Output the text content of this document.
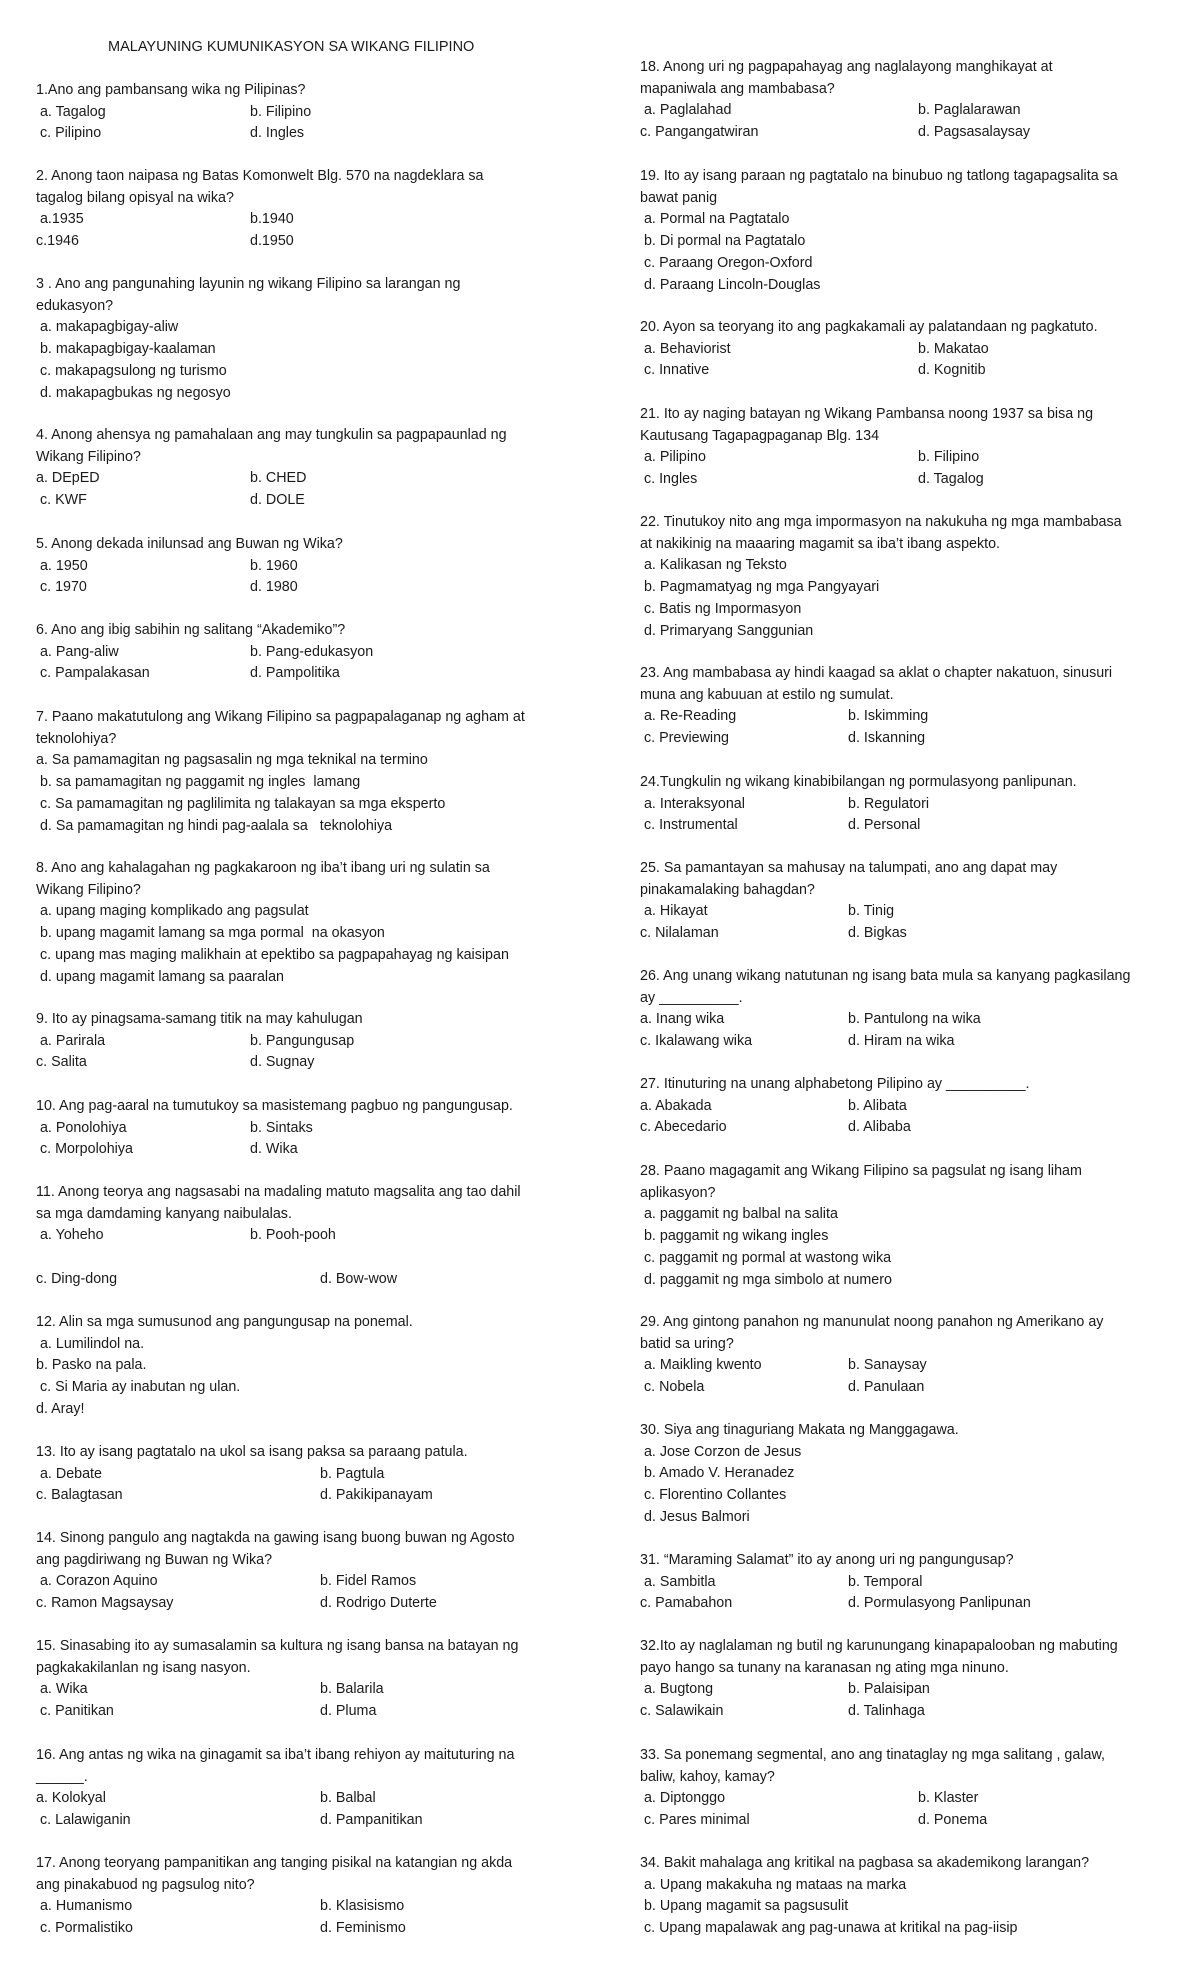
MALAYUNING KUMUNIKASYON SA WIKANG FILIPINO
1.Ano ang pambansang wika ng Pilipinas?
a. Tagalog	b. Filipino
c. Pilipino	d. Ingles
2. Anong taon naipasa ng Batas Komonwelt Blg. 570 na nagdeklara sa
tagalog bilang opisyal na wika?
a.1935	b.1940
c.1946	d.1950
3 . Ano ang pangunahing layunin ng wikang Filipino sa larangan ng
edukasyon?
a. makapagbigay-aliw
b. makapagbigay-kaalaman
c. makapagsulong ng turismo
d. makapagbukas ng negosyo
4. Anong ahensya ng pamahalaan ang may tungkulin sa pagpapaunlad ng
Wikang Filipino?
a. DEpED	b. CHED
c. KWF	d. DOLE
5. Anong dekada inilunsad ang Buwan ng Wika?
a. 1950	b. 1960
c. 1970	d. 1980
6. Ano ang ibig sabihin ng salitang “Akademiko”?
a. Pang-aliw	b. Pang-edukasyon
c. Pampalakasan	d. Pampolitika
7. Paano makatutulong ang Wikang Filipino sa pagpapalaganap ng agham at
teknolohiya?
a. Sa pamamagitan ng pagsasalin ng mga teknikal na termino
b. sa pamamagitan ng paggamit ng ingles  lamang
c. Sa pamamagitan ng paglilimita ng talakayan sa mga eksperto
d. Sa pamamagitan ng hindi pag-aalala sa   teknolohiya
8. Ano ang kahalagahan ng pagkakaroon ng iba’t ibang uri ng sulatin sa
Wikang Filipino?
a. upang maging komplikado ang pagsulat
b. upang magamit lamang sa mga pormal  na okasyon
c. upang mas maging malikhain at epektibo sa pagpapahayag ng kaisipan
d. upang magamit lamang sa paaralan
9. Ito ay pinagsama-samang titik na may kahulugan
a. Parirala	b. Pangungusap
c. Salita	d. Sugnay
10. Ang pag-aaral na tumutukoy sa masistemang pagbuo ng pangungusap.
a. Ponolohiya	b. Sintaks
c. Morpolohiya	d. Wika
11. Anong teorya ang nagsasabi na madaling matuto magsalita ang tao dahil
sa mga damdaming kanyang naibulalas.
a. Yoheho	b. Pooh-pooh
c. Ding-dong	d. Bow-wow
12. Alin sa mga sumusunod ang pangungusap na ponemal.
a. Lumilindol na.
b. Pasko na pala.
c. Si Maria ay inabutan ng ulan.
d. Aray!
13. Ito ay isang pagtatalo na ukol sa isang paksa sa paraang patula.
a. Debate	b. Pagtula
c. Balagtasan	d. Pakikipanayam
14. Sinong pangulo ang nagtakda na gawing isang buong buwan ng Agosto
ang pagdiriwang ng Buwan ng Wika?
a. Corazon Aquino	b. Fidel Ramos
c. Ramon Magsaysay	d. Rodrigo Duterte
15. Sinasabing ito ay sumasalamin sa kultura ng isang bansa na batayan ng
pagkakakilanlan ng isang nasyon.
a. Wika	b. Balarila
c. Panitikan	d. Pluma
16. Ang antas ng wika na ginagamit sa iba’t ibang rehiyon ay maituturing na
______.
a. Kolokyal	b. Balbal
c. Lalawiganin	d. Pampanitikan
17. Anong teoryang pampanitikan ang tanging pisikal na katangian ng akda
ang pinakabuod ng pagsulog nito?
a. Humanismo	b. Klasisismo
c. Pormalistiko	d. Feminismo
18. Anong uri ng pagpapahayag ang naglalayong manghikayat at
mapaniwala ang mambabasa?
a. Paglalahad	b. Paglalarawan
c. Pangangatwiran	d. Pagsasalaysay
19. Ito ay isang paraan ng pagtatalo na binubuo ng tatlong tagapagsalita sa
bawat panig
a. Pormal na Pagtatalo
b. Di pormal na Pagtatalo
c. Paraang Oregon-Oxford
d. Paraang Lincoln-Douglas
20. Ayon sa teoryang ito ang pagkakamali ay palatandaan ng pagkatuto.
a. Behaviorist	b. Makatao
c. Innative	d. Kognitib
21. Ito ay naging batayan ng Wikang Pambansa noong 1937 sa bisa ng
Kautusang Tagapagpaganap Blg. 134
a. Pilipino	b. Filipino
c. Ingles	d. Tagalog
22. Tinutukoy nito ang mga impormasyon na nakukuha ng mga mambabasa
at nakikinig na maaaring magamit sa iba’t ibang aspekto.
a. Kalikasan ng Teksto
b. Pagmamatyag ng mga Pangyayari
c. Batis ng Impormasyon
d. Primaryang Sanggunian
23. Ang mambabasa ay hindi kaagad sa aklat o chapter nakatuon, sinusuri
muna ang kabuuan at estilo ng sumulat.
a. Re-Reading	b. Iskimming
c. Previewing	d. Iskanning
24.Tungkulin ng wikang kinabibilangan ng pormulasyong panlipunan.
a. Interaksyonal	b. Regulatori
c. Instrumental	d. Personal
25. Sa pamantayan sa mahusay na talumpati, ano ang dapat may
pinakamalaking bahagdan?
a. Hikayat	b. Tinig
c. Nilalaman	d. Bigkas
26. Ang unang wikang natutunan ng isang bata mula sa kanyang pagkasilang
ay __________.
a. Inang wika	b. Pantulong na wika
c. Ikalawang wika	d. Hiram na wika
27. Itinuturing na unang alphabetong Pilipino ay __________.
a. Abakada	b. Alibata
c. Abecedario	d. Alibaba
28. Paano magagamit ang Wikang Filipino sa pagsulat ng isang liham
aplikasyon?
a. paggamit ng balbal na salita
b. paggamit ng wikang ingles
c. paggamit ng pormal at wastong wika
d. paggamit ng mga simbolo at numero
29. Ang gintong panahon ng manunulat noong panahon ng Amerikano ay
batid sa uring?
a. Maikling kwento	b. Sanaysay
c. Nobela	d. Panulaan
30. Siya ang tinaguriang Makata ng Manggagawa.
a. Jose Corzon de Jesus
b. Amado V. Heranadez
c. Florentino Collantes
d. Jesus Balmori
31. “Maraming Salamat” ito ay anong uri ng pangungusap?
a. Sambitla	b. Temporal
c. Pamabahon	d. Pormulasyong Panlipunan
32.Ito ay naglalaman ng butil ng karunungang kinapapalooban ng mabuting
payo hango sa tunany na karanasan ng ating mga ninuno.
a. Bugtong	b. Palaisipan
c. Salawikain	d. Talinhaga
33. Sa ponemang segmental, ano ang tinataglay ng mga salitang , galaw,
baliw, kahoy, kamay?
a. Diptonggo	b. Klaster
c. Pares minimal	d. Ponema
34. Bakit mahalaga ang kritikal na pagbasa sa akademikong larangan?
a. Upang makakuha ng mataas na marka
b. Upang magamit sa pagsusulit
c. Upang mapalawak ang pag-unawa at kritikal na pag-iisip
